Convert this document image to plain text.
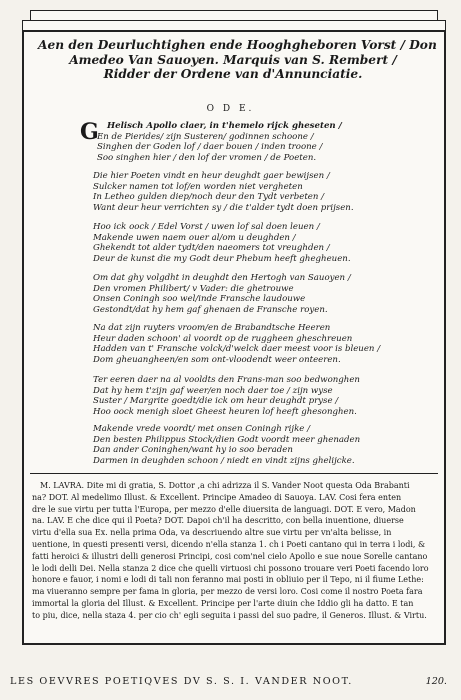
Aen den Deurluchtighen ende Hooghgheboren Vorst / Don
Amedeo Van Sauoyen. Marquis van S. Rembert /
Ridder der Ordene van d'Annunciatie.
O D E.
G Helisch Apollo claer, in t'hemelo rijck gheseten /
En de Pierides/ zijn Susteren/ godinnen schoone /
Singhen der Goden lof / daer bouen / inden troone /
Soo singhen hier / den lof der vromen / de Poeten.
Die hier Poeten vindt en heur deughdt gaer bewijsen /
Sulcker namen tot lof/en worden niet vergheten
In Letheo gulden diep/noch deur den Tydt verbeten /
Want deur heur verrichten sy / die t'alder tydt doen prijsen.
Hoo ick oock / Edel Vorst / uwen lof sal doen leuen /
Makende uwen naem ouer al/om u deughden /
Ghekendt tot alder tydt/den naeomers tot vreughden /
Deur de kunst die my Godt deur Phebum heeft ghegheuen.
Om dat ghy volgdht in deughdt den Hertogh van Sauoyen /
Den vromen Philibert/ v Vader: die ghetrouwe
Onsen Coningh soo wel/inde Fransche laudouwe
Gestondt/dat hy hem gaf ghenaen de Fransche royen.
Na dat zijn ruyters vroom/en de Brabandtsche Heeren
Heur daden schoon' al voordt op de ruggheen gheschreuen
Hadden van t' Fransche volck/d'welck daer meest voor is bleuen /
Dom gheuangheen/en som ont-vloodendt weer onteeren.
Ter eeren daer na al vooldts den Frans-man soo bedwonghen
Dat hy hem t'zijn gaf weer/en noch daer toe / zijn wyse
Suster / Margrite goedt/die ick om heur deughdt pryse /
Hoo oock menigh sloet Gheest heuren lof heeft ghesonghen.
Makende vrede voordt/ met onsen Coningh rijke /
Den besten Philippus Stock/dien Godt voordt meer ghenaden
Dan ander Coninghen/want hy io soo beraden
Darmen in deughden schoon / niedt en vindt zijns ghelijcke.
M. LAVRA. Dite mi di gratia, S. Dottor ,a chi adrizza il S. Vander Noot questa Oda Brabanti
na? DOT. Al medelimo Illust. & Excellent. Principe Amadeo di Sauoya. LAV. Cosi fera enten
dre le sue virtu per tutta l'Europa, per mezzo d'elle diuersita de languagi. DOT. E vero, Madon
na. LAV. E che dice qui il Poeta? DOT. Dapoi ch'il ha descritto, con bella inuentione, diuerse
virtu d'ella sua Ex. nella prima Oda, va descriuendo altre sue virtu per vn'alta belisse, in
uentione, in questi presenti versi, dicendo n'ella stanza 1. ch i Poeti cantano qui in terra i lodi, &
fatti heroici & illustri delli generosi Principi, cosi com'nel cielo Apollo e sue noue Sorelle cantano
le lodi delli Dei. Nella stanza 2 dice che quelli virtuosi chi possono trouare veri Poeti facendo loro
honore e fauor, i nomi e lodi di tali non feranno mai posti in obliuio per il Tepo, ni il fiume Lethe:
ma viueranno sempre per fama in gloria, per mezzo de versi loro. Cosi come il nostro Poeta fara
immortal la gloria del Illust. & Excellent. Principe per l'arte diuin che Iddio gli ha datto. E tan
to piu, dice, nella staza 4. per cio ch' egli seguita i passi del suo padre, il Generos. Illust. & Virtu.
LES OEVVRES POETIQVES DV S. S. I. VANDER NOOT.	120.
